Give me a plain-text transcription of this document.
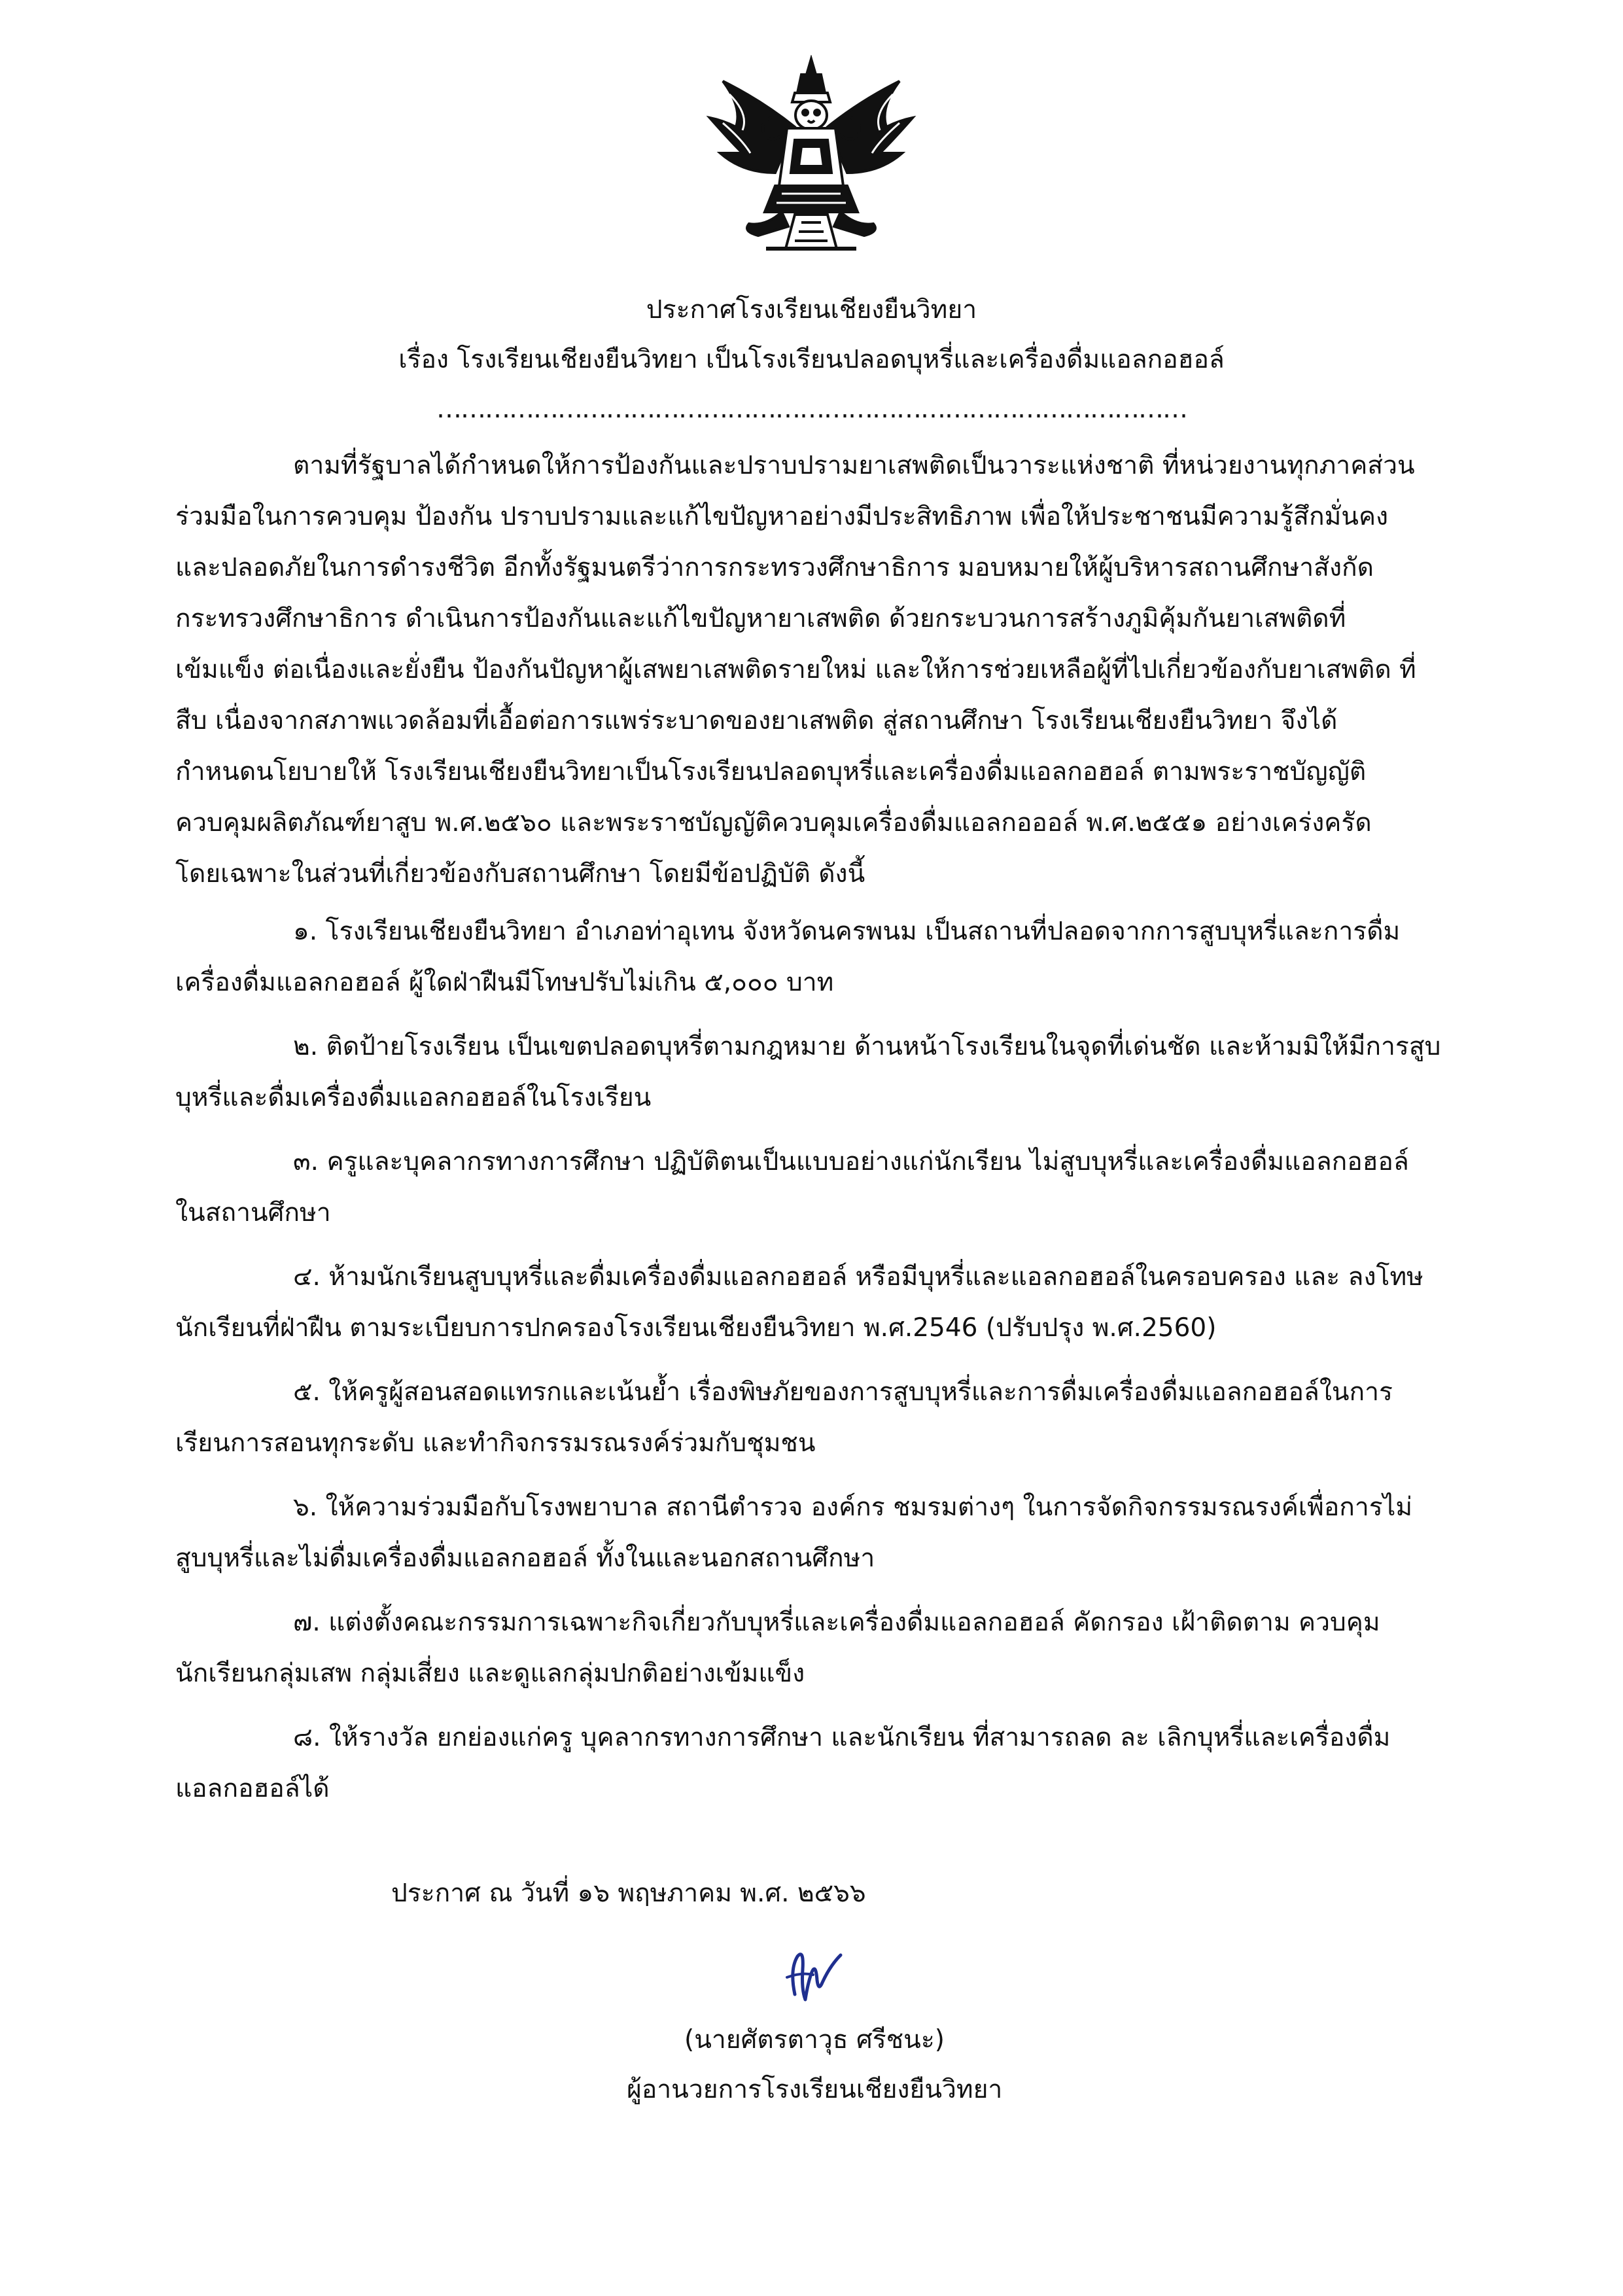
ประกาศโรงเรียนเชียงยืนวิทยา
เรื่อง โรงเรียนเชียงยืนวิทยา เป็นโรงเรียนปลอดบุหรี่และเครื่องดื่มแอลกอฮอล์
…………………………………………………………………………………
ตามที่รัฐบาลได้กำหนดให้การป้องกันและปราบปรามยาเสพติดเป็นวาระแห่งชาติ ที่หน่วยงานทุกภาคส่วน
ร่วมมือในการควบคุม ป้องกัน ปราบปรามและแก้ไขปัญหาอย่างมีประสิทธิภาพ เพื่อให้ประชาชนมีความรู้สึกมั่นคง
และปลอดภัยในการดำรงชีวิต อีกทั้งรัฐมนตรีว่าการกระทรวงศึกษาธิการ มอบหมายให้ผู้บริหารสถานศึกษาสังกัด
กระทรวงศึกษาธิการ ดำเนินการป้องกันและแก้ไขปัญหายาเสพติด ด้วยกระบวนการสร้างภูมิคุ้มกันยาเสพติดที่
เข้มแข็ง ต่อเนื่องและยั่งยืน ป้องกันปัญหาผู้เสพยาเสพติดรายใหม่ และให้การช่วยเหลือผู้ที่ไปเกี่ยวข้องกับยาเสพติด ที่
สืบ เนื่องจากสภาพแวดล้อมที่เอื้อต่อการแพร่ระบาดของยาเสพติด สู่สถานศึกษา โรงเรียนเชียงยืนวิทยา จึงได้
กำหนดนโยบายให้ โรงเรียนเชียงยืนวิทยาเป็นโรงเรียนปลอดบุหรี่และเครื่องดื่มแอลกอฮอล์ ตามพระราชบัญญัติ
ควบคุมผลิตภัณฑ์ยาสูบ พ.ศ.๒๕๖๐ และพระราชบัญญัติควบคุมเครื่องดื่มแอลกอออล์ พ.ศ.๒๕๕๑ อย่างเคร่งครัด
โดยเฉพาะในส่วนที่เกี่ยวข้องกับสถานศึกษา โดยมีข้อปฏิบัติ ดังนี้
๑. โรงเรียนเชียงยืนวิทยา อำเภอท่าอุเทน จังหวัดนครพนม เป็นสถานที่ปลอดจากการสูบบุหรี่และการดื่ม
เครื่องดื่มแอลกอฮอล์ ผู้ใดฝ่าฝืนมีโทษปรับไม่เกิน ๕,๐๐๐ บาท
๒. ติดป้ายโรงเรียน เป็นเขตปลอดบุหรี่ตามกฎหมาย ด้านหน้าโรงเรียนในจุดที่เด่นชัด และห้ามมิให้มีการสูบ
บุหรี่และดื่มเครื่องดื่มแอลกอฮอล์ในโรงเรียน
๓. ครูและบุคลากรทางการศึกษา ปฏิบัติตนเป็นแบบอย่างแก่นักเรียน ไม่สูบบุหรี่และเครื่องดื่มแอลกอฮอล์
ในสถานศึกษา
๔. ห้ามนักเรียนสูบบุหรี่และดื่มเครื่องดื่มแอลกอฮอล์ หรือมีบุหรี่และแอลกอฮอล์ในครอบครอง และ ลงโทษ
นักเรียนที่ฝ่าฝืน ตามระเบียบการปกครองโรงเรียนเชียงยืนวิทยา พ.ศ.2546 (ปรับปรุง พ.ศ.2560)
๕. ให้ครูผู้สอนสอดแทรกและเน้นย้ำ เรื่องพิษภัยของการสูบบุหรี่และการดื่มเครื่องดื่มแอลกอฮอล์ในการ
เรียนการสอนทุกระดับ และทำกิจกรรมรณรงค์ร่วมกับชุมชน
๖. ให้ความร่วมมือกับโรงพยาบาล สถานีตำรวจ องค์กร ชมรมต่างๆ ในการจัดกิจกรรมรณรงค์เพื่อการไม่
สูบบุหรี่และไม่ดื่มเครื่องดื่มแอลกอฮอล์ ทั้งในและนอกสถานศึกษา
๗. แต่งตั้งคณะกรรมการเฉพาะกิจเกี่ยวกับบุหรี่และเครื่องดื่มแอลกอฮอล์ คัดกรอง เฝ้าติดตาม ควบคุม
นักเรียนกลุ่มเสพ กลุ่มเสี่ยง และดูแลกลุ่มปกติอย่างเข้มแข็ง
๘. ให้รางวัล ยกย่องแก่ครู บุคลากรทางการศึกษา และนักเรียน ที่สามารถลด ละ เลิกบุหรี่และเครื่องดื่ม
แอลกอฮอล์ได้
ประกาศ ณ วันที่ ๑๖ พฤษภาคม พ.ศ. ๒๕๖๖
(นายศัตรตาวุธ ศรีชนะ)
ผู้อานวยการโรงเรียนเชียงยืนวิทยา
